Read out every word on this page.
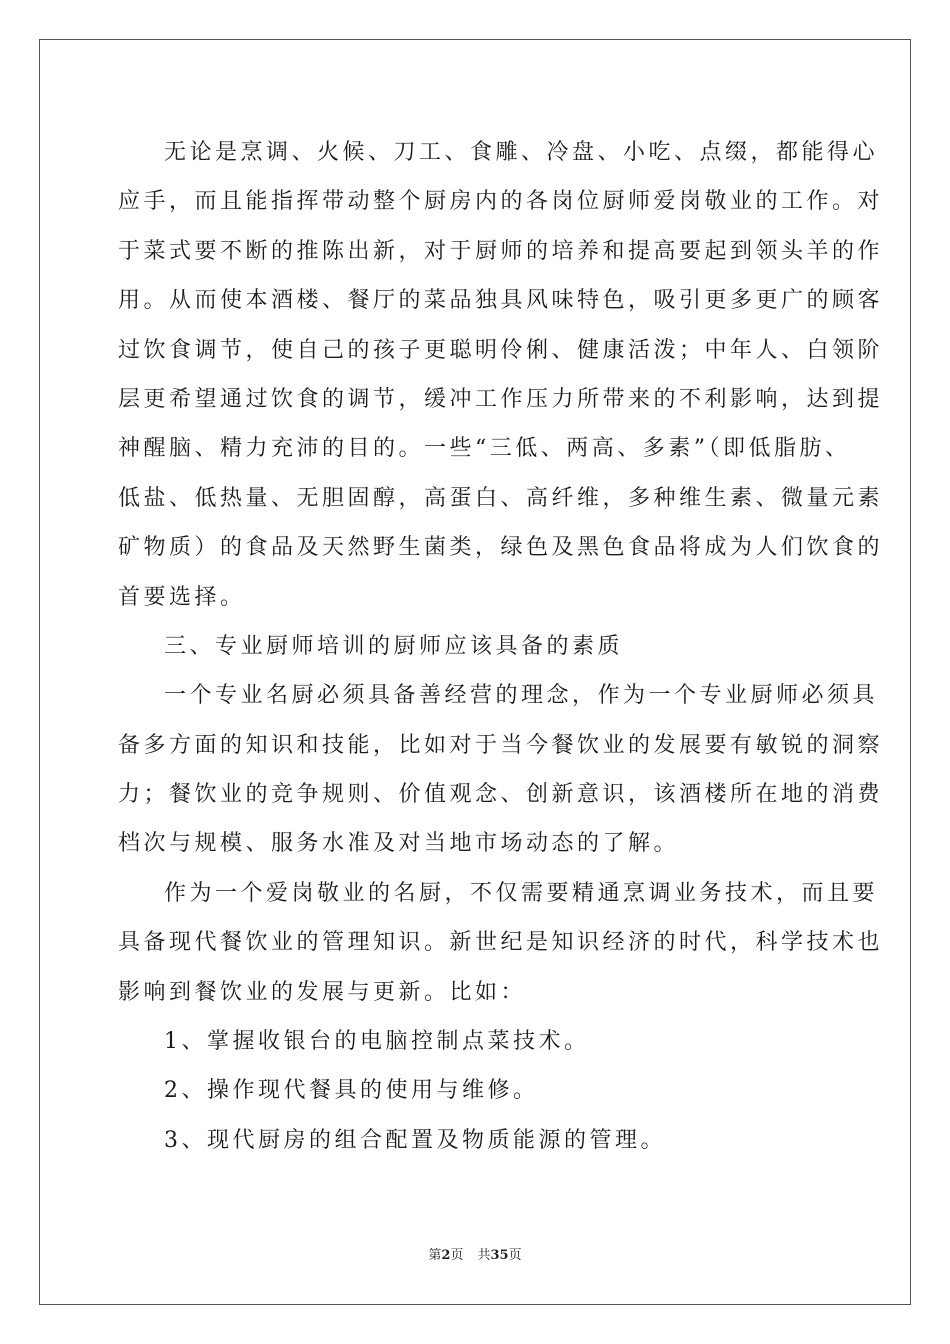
无论是烹调、火候、刀工、食雕、冷盘、小吃、点缀，都能得心
应手，而且能指挥带动整个厨房内的各岗位厨师爱岗敬业的工作。对
于菜式要不断的推陈出新，对于厨师的培养和提高要起到领头羊的作
用。从而使本酒楼、餐厅的菜品独具风味特色，吸引更多更广的顾客
过饮食调节，使自己的孩子更聪明伶俐、健康活泼；中年人、白领阶
层更希望通过饮食的调节，缓冲工作压力所带来的不利影响，达到提
神醒脑、精力充沛的目的。一些“三低、两高、多素”（即低脂肪、
低盐、低热量、无胆固醇，高蛋白、高纤维，多种维生素、微量元素
矿物质）的食品及天然野生菌类，绿色及黑色食品将成为人们饮食的
首要选择。
三、专业厨师培训的厨师应该具备的素质
一个专业名厨必须具备善经营的理念，作为一个专业厨师必须具
备多方面的知识和技能，比如对于当今餐饮业的发展要有敏锐的洞察
力；餐饮业的竞争规则、价值观念、创新意识，该酒楼所在地的消费
档次与规模、服务水准及对当地市场动态的了解。
作为一个爱岗敬业的名厨，不仅需要精通烹调业务技术，而且要
具备现代餐饮业的管理知识。新世纪是知识经济的时代，科学技术也
影响到餐饮业的发展与更新。比如：
1、掌握收银台的电脑控制点菜技术。
2、操作现代餐具的使用与维修。
3、现代厨房的组合配置及物质能源的管理。
第2页 共35页
